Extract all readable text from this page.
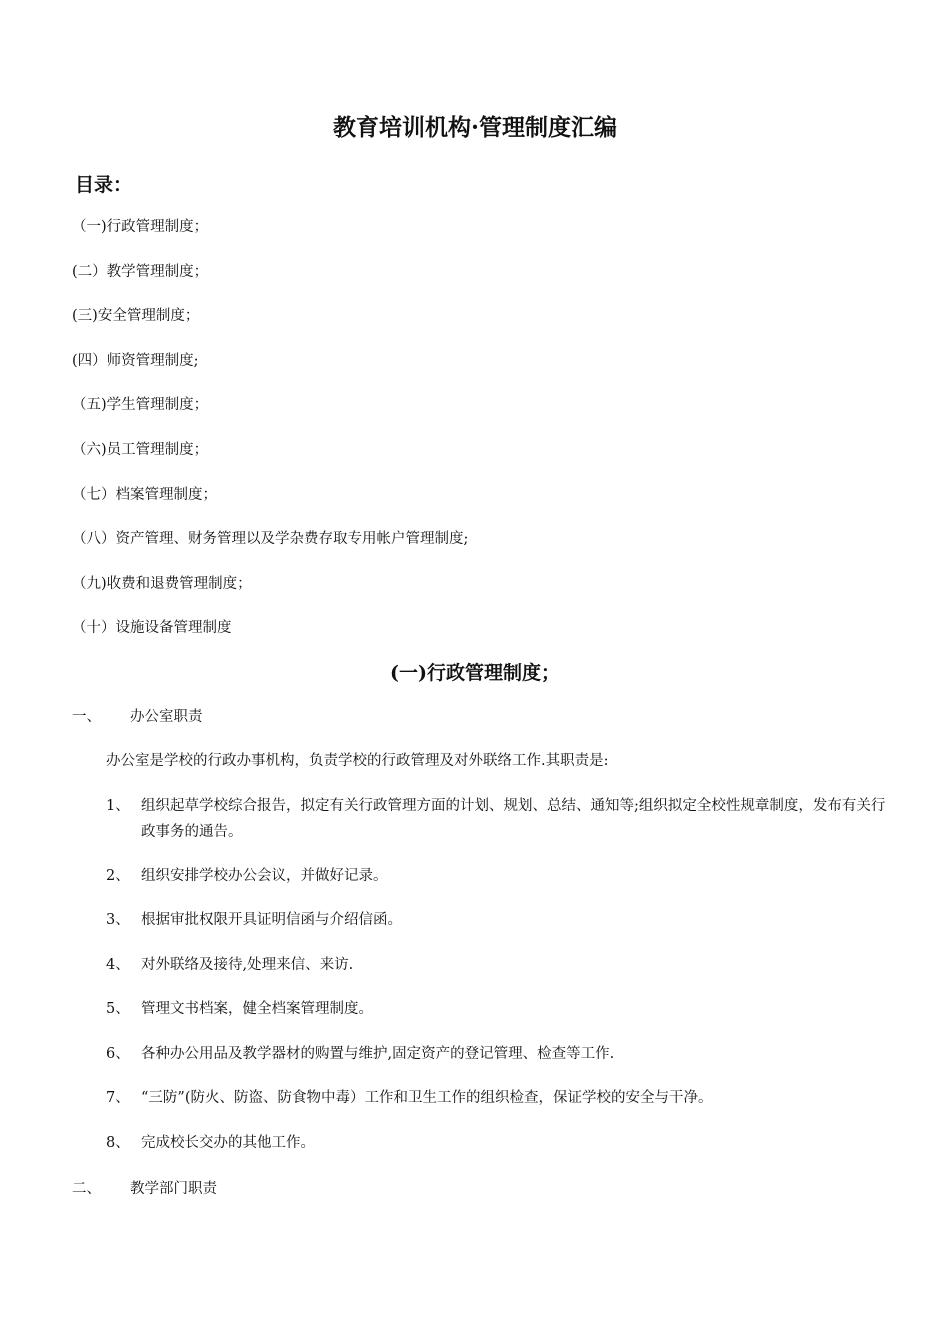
教育培训机构·管理制度汇编
目录：
（一)行政管理制度；
(二）教学管理制度；
(三)安全管理制度；
(四）师资管理制度;
（五)学生管理制度；
（六)员工管理制度；
（七）档案管理制度；
（八）资产管理、财务管理以及学杂费存取专用帐户管理制度;
（九)收费和退费管理制度；
（十）设施设备管理制度
(一)行政管理制度；
一、 办公室职责

办公室是学校的行政办事机构，负责学校的行政管理及对外联络工作.其职责是:

1、 组织起草学校综合报告，拟定有关行政管理方面的计划、规划、总结、通知等;组织拟定全校性规章制度，发布有关行政事务的通告。
2、 组织安排学校办公会议，并做好记录。
3、 根据审批权限开具证明信函与介绍信函。
4、 对外联络及接待,处理来信、来访.
5、 管理文书档案，健全档案管理制度。
6、 各种办公用品及教学器材的购置与维护,固定资产的登记管理、检查等工作.
7、 “三防”(防火、防盗、防食物中毒）工作和卫生工作的组织检查，保证学校的安全与干净。
8、 完成校长交办的其他工作。
二、 教学部门职责
